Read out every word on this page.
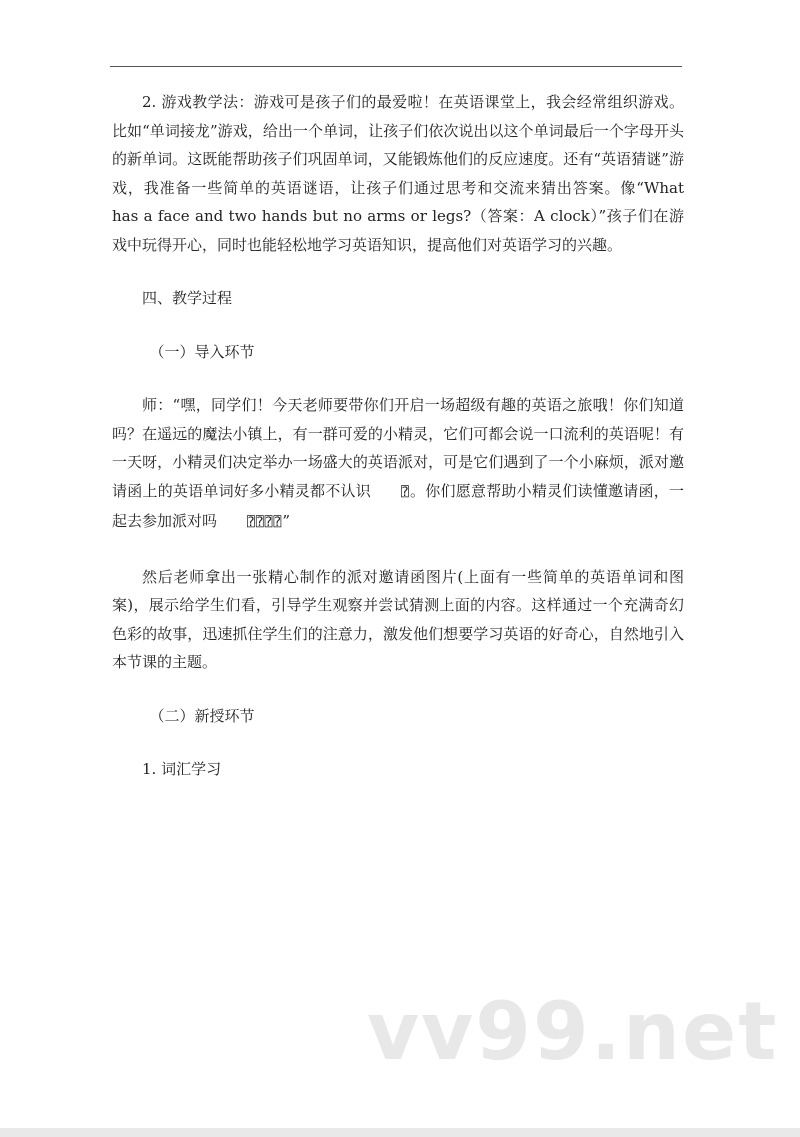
2. 游戏教学法：游戏可是孩子们的最爱啦！在英语课堂上，我会经常组织游戏。比如“单词接龙”游戏，给出一个单词，让孩子们依次说出以这个单词最后一个字母开头的新单词。这既能帮助孩子们巩固单词，又能锻炼他们的反应速度。还有“英语猜谜”游戏，我准备一些简单的英语谜语，让孩子们通过思考和交流来猜出答案。像“What has a face and two hands but no arms or legs?（答案：A clock）”孩子们在游戏中玩得开心，同时也能轻松地学习英语知识，提高他们对英语学习的兴趣。

四、教学过程

（一）导入环节

师：“嘿，同学们！今天老师要带你们开启一场超级有趣的英语之旅哦！你们知道吗？在遥远的魔法小镇上，有一群可爱的小精灵，它们可都会说一口流利的英语呢！有一天呀，小精灵们决定举办一场盛大的英语派对，可是它们遇到了一个小麻烦，派对邀请函上的英语单词好多小精灵都不认识 ⍰。你们愿意帮助小精灵们读懂邀请函，一起去参加派对吗 ⍰⍰⍰⍰”

然后老师拿出一张精心制作的派对邀请函图片(上面有一些简单的英语单词和图案)，展示给学生们看，引导学生观察并尝试猜测上面的内容。这样通过一个充满奇幻色彩的故事，迅速抓住学生们的注意力，激发他们想要学习英语的好奇心，自然地引入本节课的主题。

（二）新授环节

1. 词汇学习

vv99.net
